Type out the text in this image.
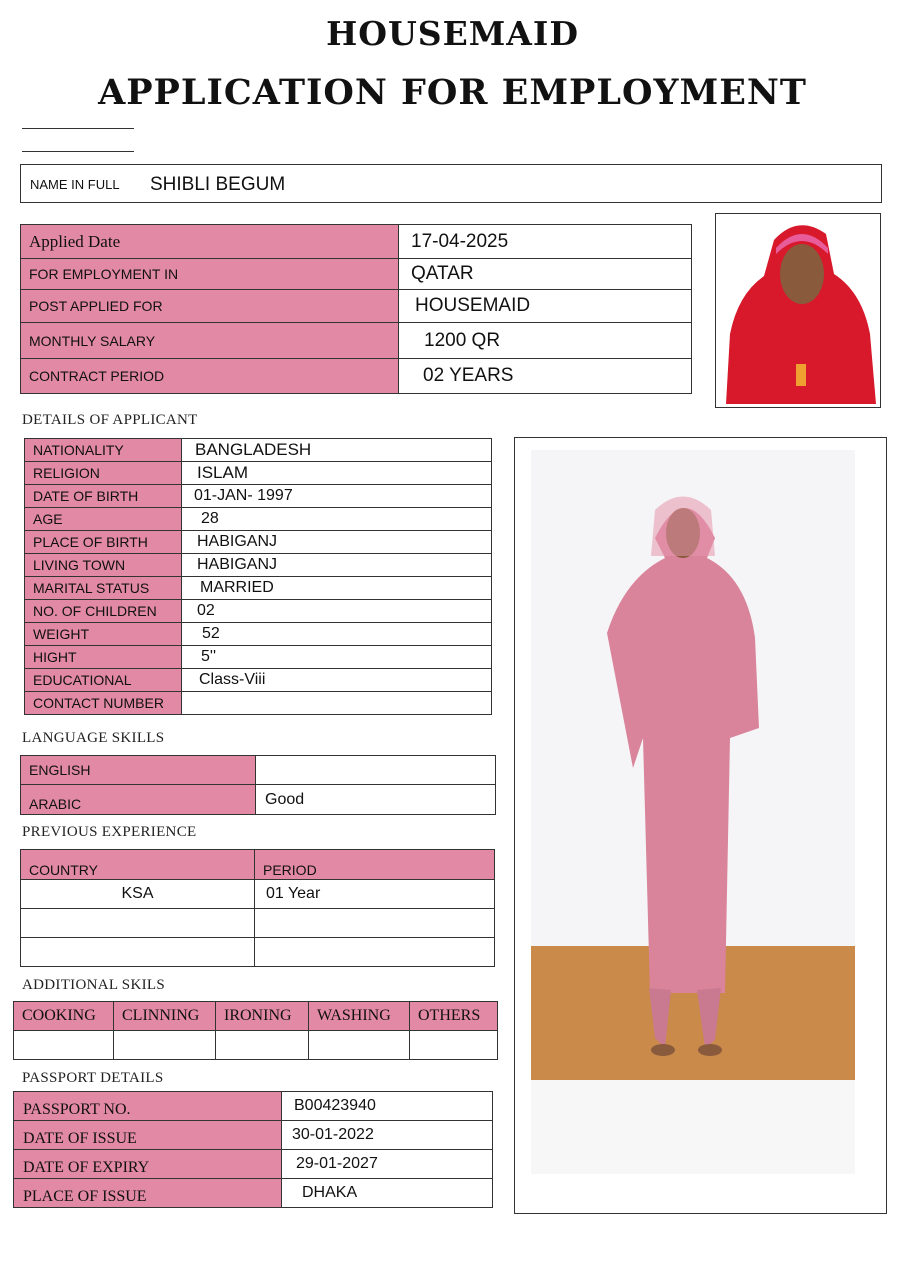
HOUSEMAID
APPLICATION FOR EMPLOYMENT
NAME IN FULL SHIBLI BEGUM
Applied Date	17-04-2025
FOR EMPLOYMENT IN	QATAR
POST APPLIED FOR	HOUSEMAID
MONTHLY SALARY	1200 QR
CONTRACT PERIOD	02 YEARS
DETAILS OF APPLICANT
NATIONALITY	BANGLADESH
RELIGION	ISLAM
DATE OF BIRTH	01-JAN- 1997
AGE	28
PLACE OF BIRTH	HABIGANJ
LIVING TOWN	HABIGANJ
MARITAL STATUS	MARRIED
NO. OF CHILDREN	02
WEIGHT	52
HIGHT	5''
EDUCATIONAL	Class-Viii
CONTACT NUMBER	
LANGUAGE SKILLS
ENGLISH	
ARABIC	Good
PREVIOUS EXPERIENCE
COUNTRY	PERIOD
KSA	01 Year

ADDITIONAL SKILS
COOKING	CLINNING	IRONING	WASHING	OTHERS

PASSPORT DETAILS
PASSPORT NO.	B00423940
DATE OF ISSUE	30-01-2022
DATE OF EXPIRY	29-01-2027
PLACE OF ISSUE	DHAKA
